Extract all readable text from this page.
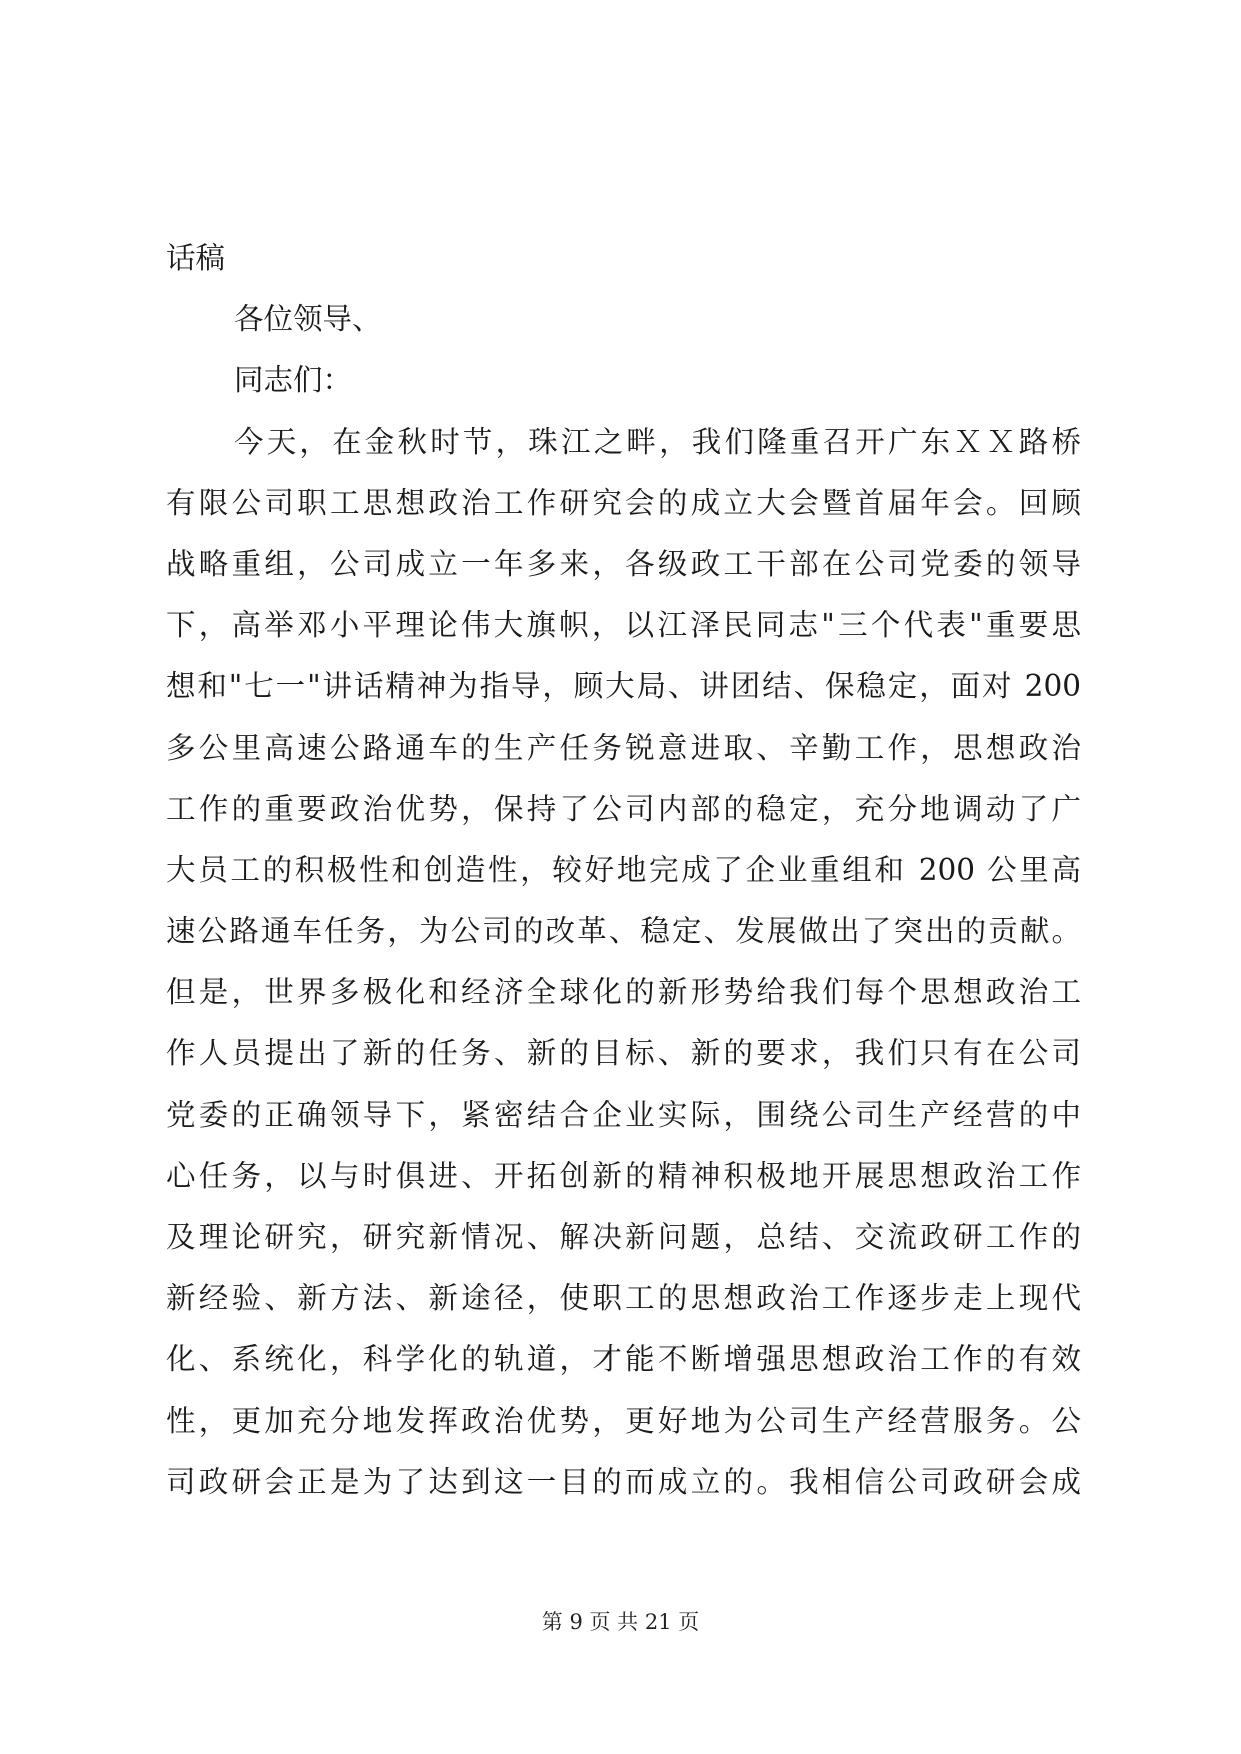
话稿
各位领导、
同志们：
今天，在金秋时节，珠江之畔，我们隆重召开广东ＸＸ路桥
有限公司职工思想政治工作研究会的成立大会暨首届年会。回顾
战略重组，公司成立一年多来，各级政工干部在公司党委的领导
下，高举邓小平理论伟大旗帜，以江泽民同志"三个代表"重要思
想和"七一"讲话精神为指导，顾大局、讲团结、保稳定，面对 200
多公里高速公路通车的生产任务锐意进取、辛勤工作，思想政治
工作的重要政治优势，保持了公司内部的稳定，充分地调动了广
大员工的积极性和创造性，较好地完成了企业重组和 200 公里高
速公路通车任务，为公司的改革、稳定、发展做出了突出的贡献。
但是，世界多极化和经济全球化的新形势给我们每个思想政治工
作人员提出了新的任务、新的目标、新的要求，我们只有在公司
党委的正确领导下，紧密结合企业实际，围绕公司生产经营的中
心任务，以与时俱进、开拓创新的精神积极地开展思想政治工作
及理论研究，研究新情况、解决新问题，总结、交流政研工作的
新经验、新方法、新途径，使职工的思想政治工作逐步走上现代
化、系统化，科学化的轨道，才能不断增强思想政治工作的有效
性，更加充分地发挥政治优势，更好地为公司生产经营服务。公
司政研会正是为了达到这一目的而成立的。我相信公司政研会成
第 9 页 共 21 页
